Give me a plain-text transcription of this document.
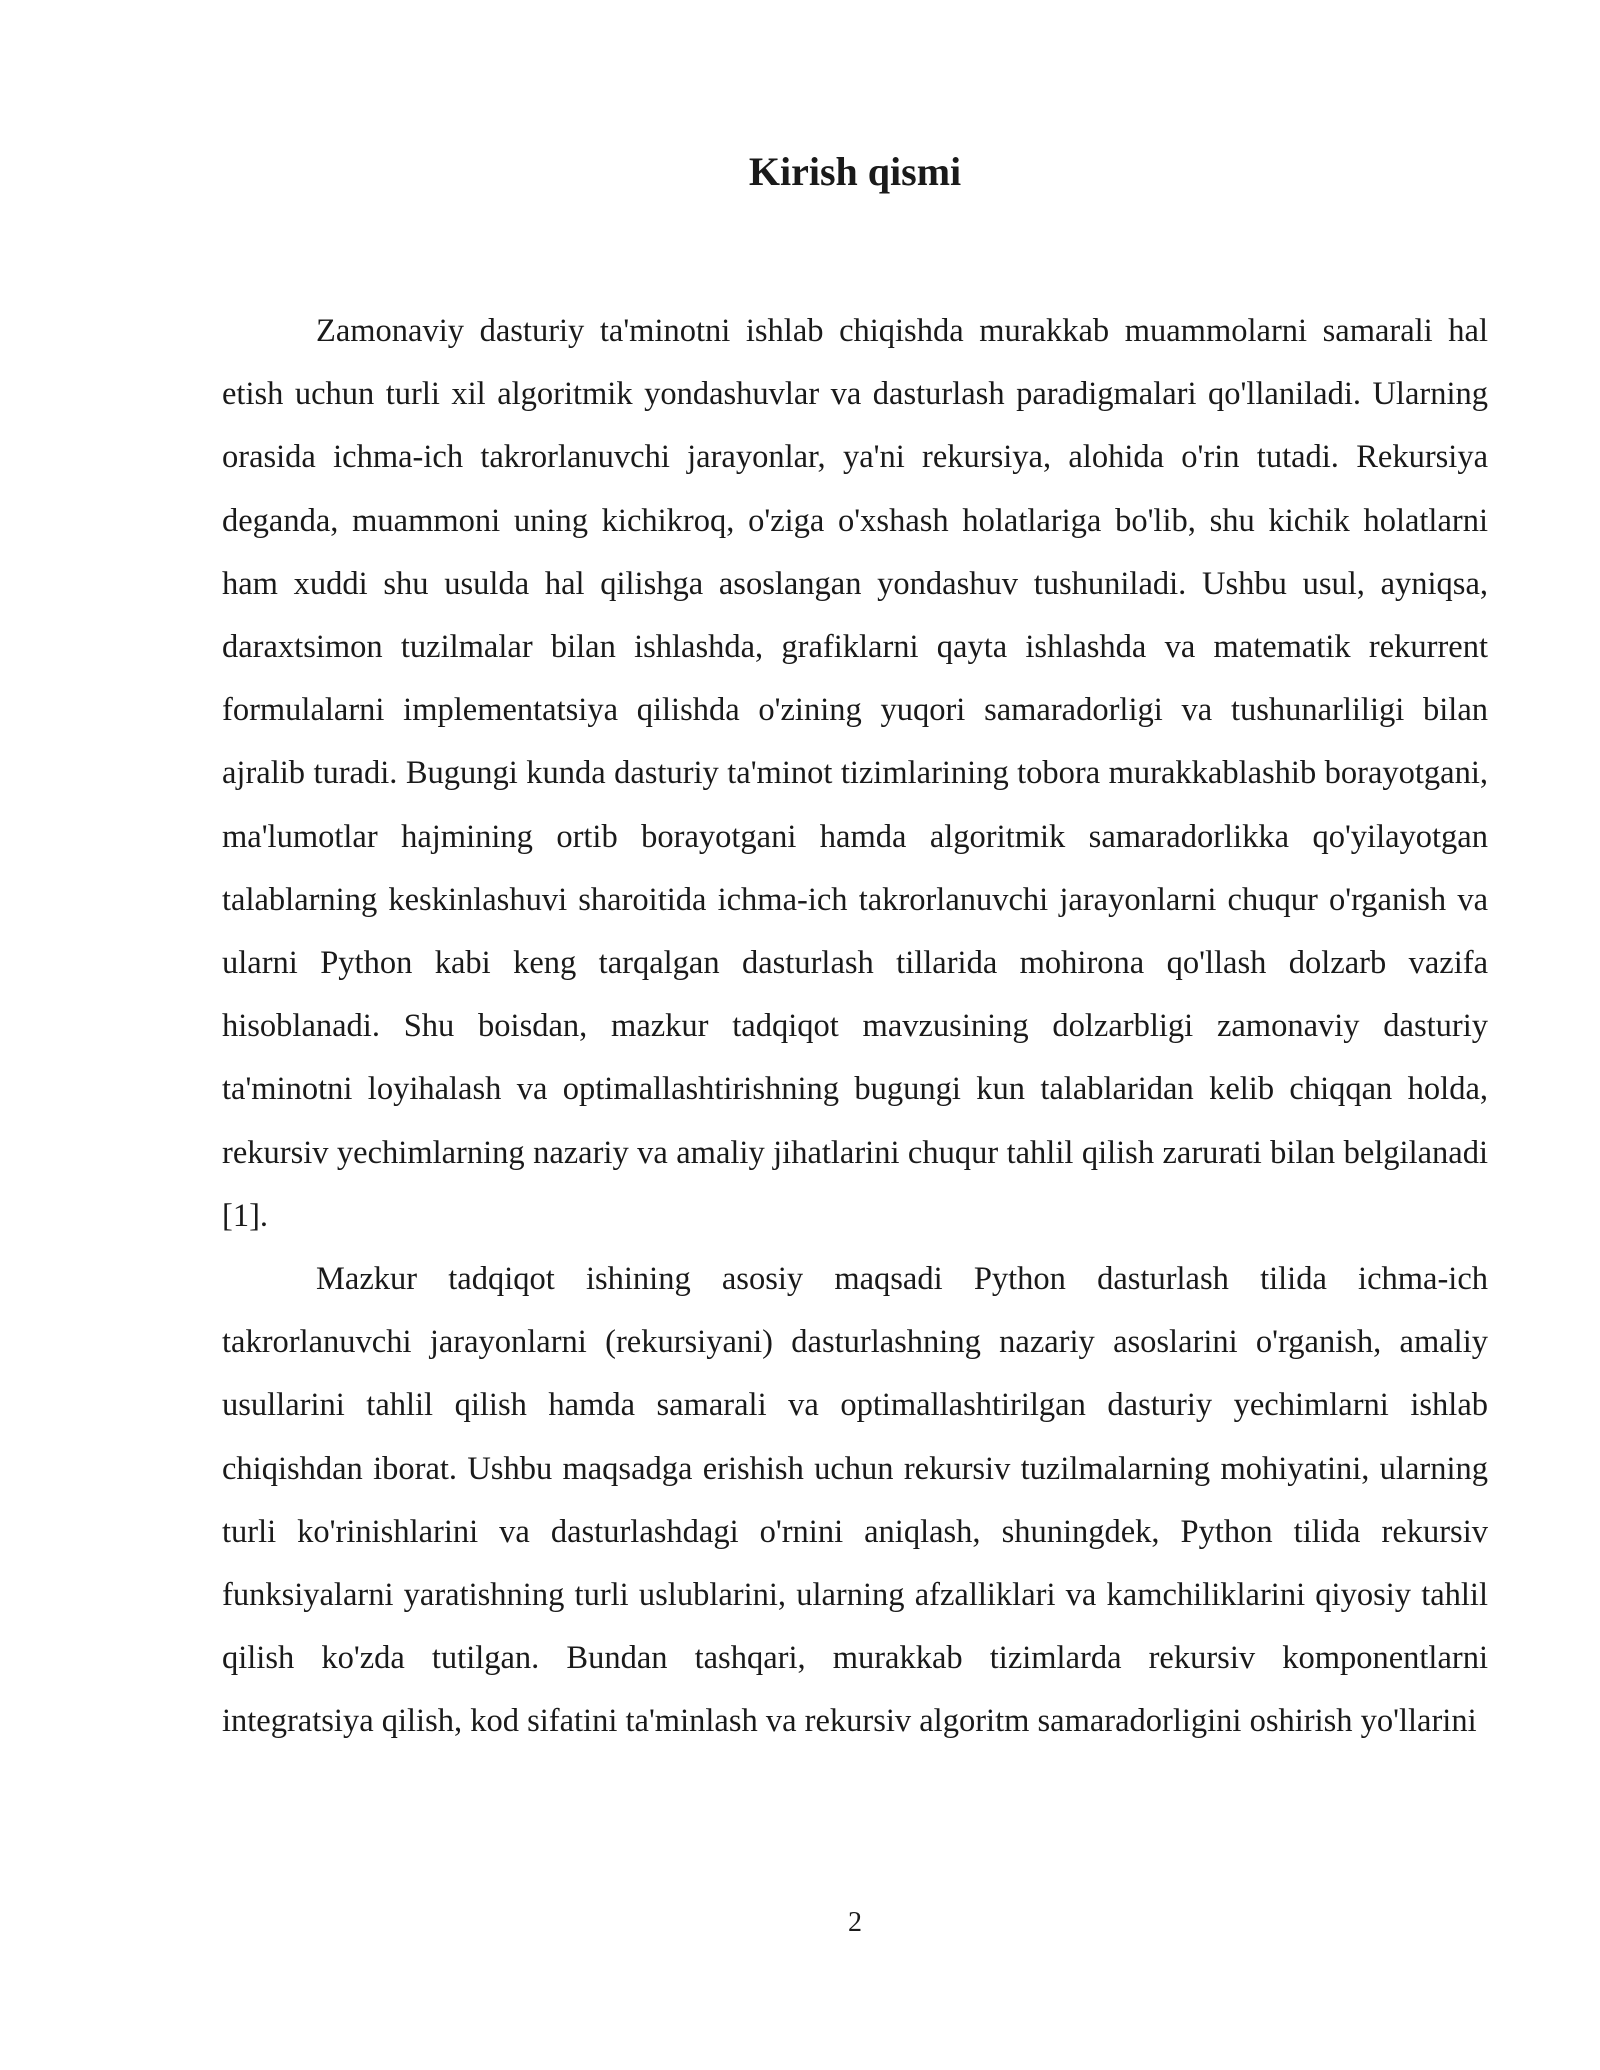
Kirish qismi

Zamonaviy dasturiy ta'minotni ishlab chiqishda murakkab muammolarni samarali hal etish uchun turli xil algoritmik yondashuvlar va dasturlash paradigmalari qo'llaniladi. Ularning orasida ichma-ich takrorlanuvchi jarayonlar, ya'ni rekursiya, alohida o'rin tutadi. Rekursiya deganda, muammoni uning kichikroq, o'ziga o'xshash holatlariga bo'lib, shu kichik holatlarni ham xuddi shu usulda hal qilishga asoslangan yondashuv tushuniladi. Ushbu usul, ayniqsa, daraxtsimon tuzilmalar bilan ishlashda, grafiklarni qayta ishlashda va matematik rekurrent formulalarni implementatsiya qilishda o'zining yuqori samaradorligi va tushunarliligi bilan ajralib turadi. Bugungi kunda dasturiy ta'minot tizimlarining tobora murakkablashib borayotgani, ma'lumotlar hajmining ortib borayotgani hamda algoritmik samaradorlikka qo'yilayotgan talablarning keskinlashuvi sharoitida ichma-ich takrorlanuvchi jarayonlarni chuqur o'rganish va ularni Python kabi keng tarqalgan dasturlash tillarida mohirona qo'llash dolzarb vazifa hisoblanadi. Shu boisdan, mazkur tadqiqot mavzusining dolzarbligi zamonaviy dasturiy ta'minotni loyihalash va optimallashtirishning bugungi kun talablaridan kelib chiqqan holda, rekursiv yechimlarning nazariy va amaliy jihatlarini chuqur tahlil qilish zarurati bilan belgilanadi [1].

Mazkur tadqiqot ishining asosiy maqsadi Python dasturlash tilida ichma-ich takrorlanuvchi jarayonlarni (rekursiyani) dasturlashning nazariy asoslarini o'rganish, amaliy usullarini tahlil qilish hamda samarali va optimallashtirilgan dasturiy yechimlarni ishlab chiqishdan iborat. Ushbu maqsadga erishish uchun rekursiv tuzilmalarning mohiyatini, ularning turli ko'rinishlarini va dasturlashdagi o'rnini aniqlash, shuningdek, Python tilida rekursiv funksiyalarni yaratishning turli uslublarini, ularning afzalliklari va kamchiliklarini qiyosiy tahlil qilish ko'zda tutilgan. Bundan tashqari, murakkab tizimlarda rekursiv komponentlarni integratsiya qilish, kod sifatini ta'minlash va rekursiv algoritm samaradorligini oshirish yo'llarini

2
